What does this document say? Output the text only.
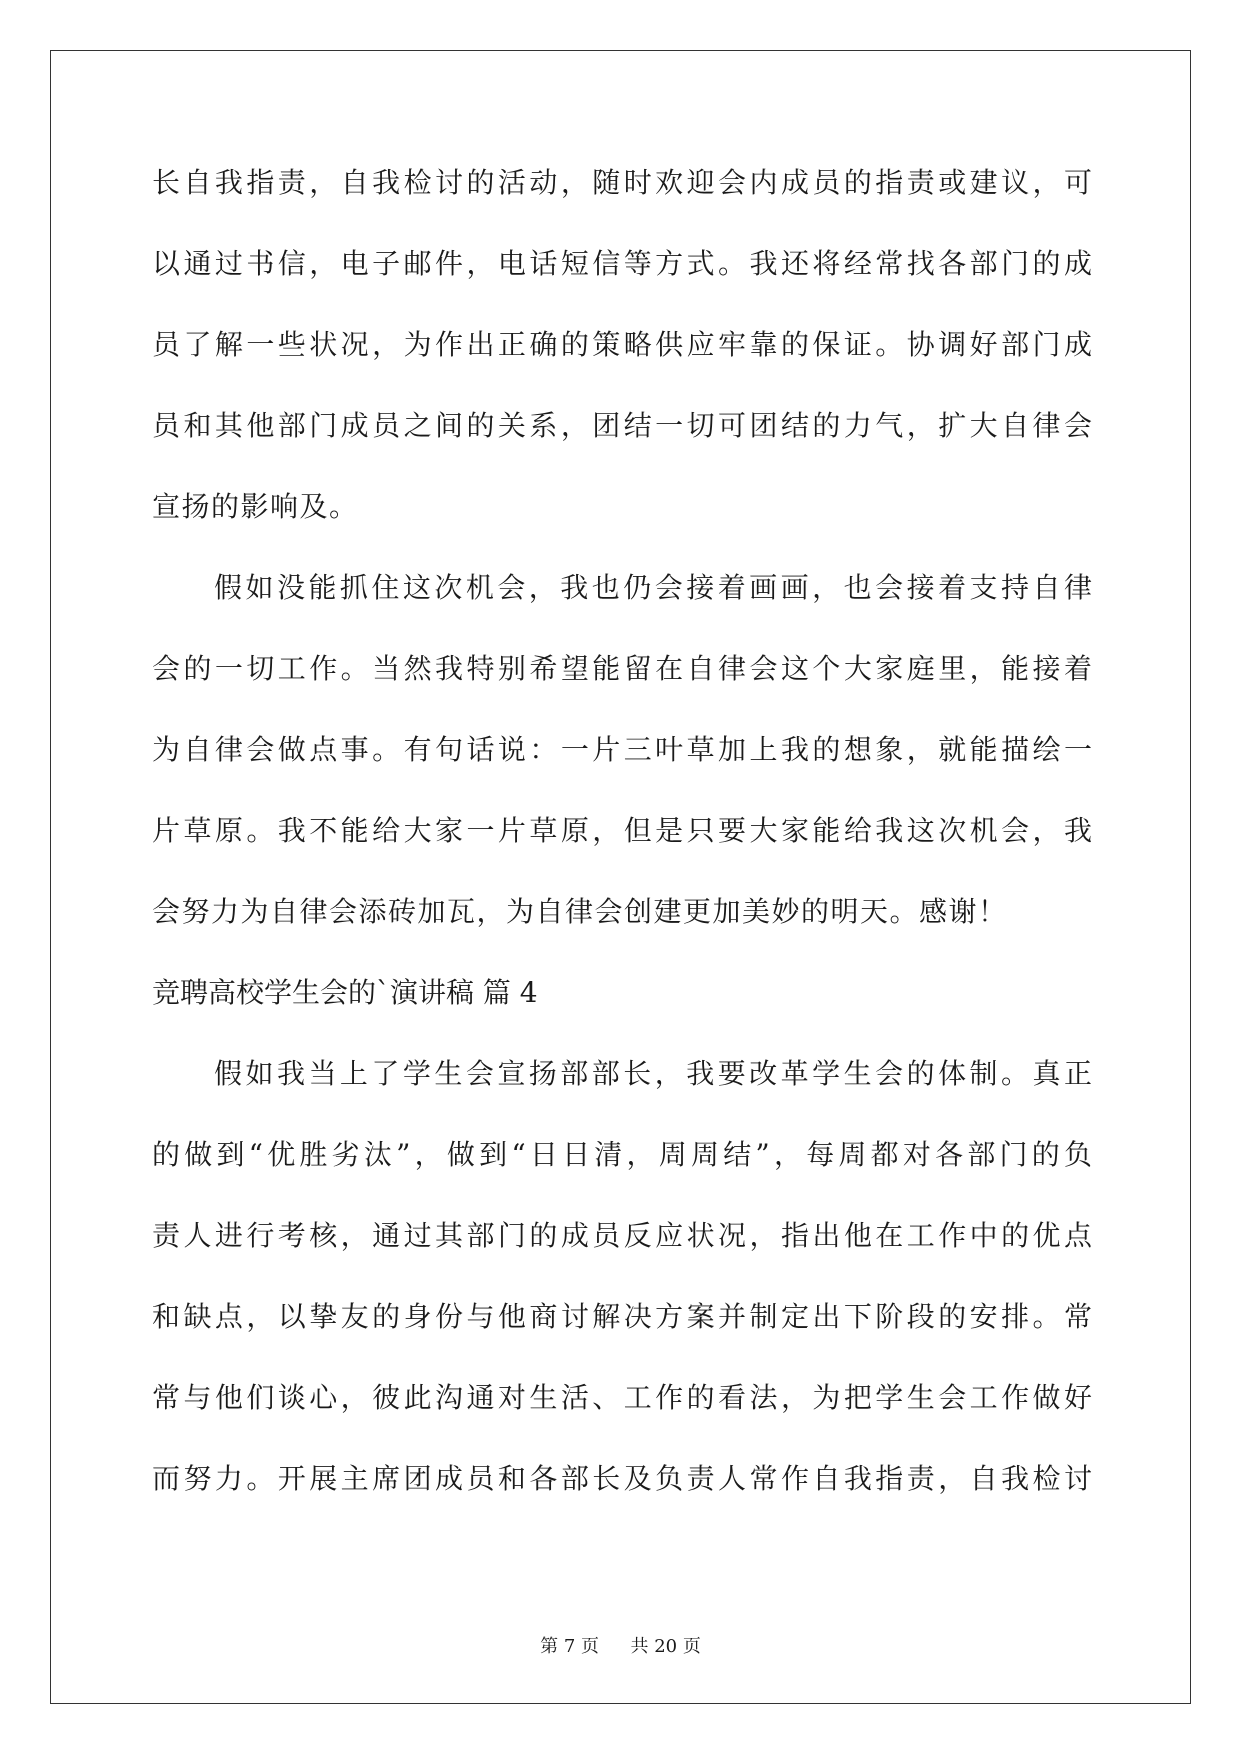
长自我指责，自我检讨的活动，随时欢迎会内成员的指责或建议，可
以通过书信，电子邮件，电话短信等方式。我还将经常找各部门的成
员了解一些状况，为作出正确的策略供应牢靠的保证。协调好部门成
员和其他部门成员之间的关系，团结一切可团结的力气，扩大自律会
宣扬的影响及。
假如没能抓住这次机会，我也仍会接着画画，也会接着支持自律
会的一切工作。当然我特别希望能留在自律会这个大家庭里，能接着
为自律会做点事。有句话说：一片三叶草加上我的想象，就能描绘一
片草原。我不能给大家一片草原，但是只要大家能给我这次机会，我
会努力为自律会添砖加瓦，为自律会创建更加美妙的明天。感谢！
竞聘高校学生会的`演讲稿 篇 4
假如我当上了学生会宣扬部部长，我要改革学生会的体制。真正
的做到“优胜劣汰”，做到“日日清，周周结”，每周都对各部门的负
责人进行考核，通过其部门的成员反应状况，指出他在工作中的优点
和缺点，以挚友的身份与他商讨解决方案并制定出下阶段的安排。常
常与他们谈心，彼此沟通对生活、工作的看法，为把学生会工作做好
而努力。开展主席团成员和各部长及负责人常作自我指责，自我检讨
第 7 页 共 20 页
